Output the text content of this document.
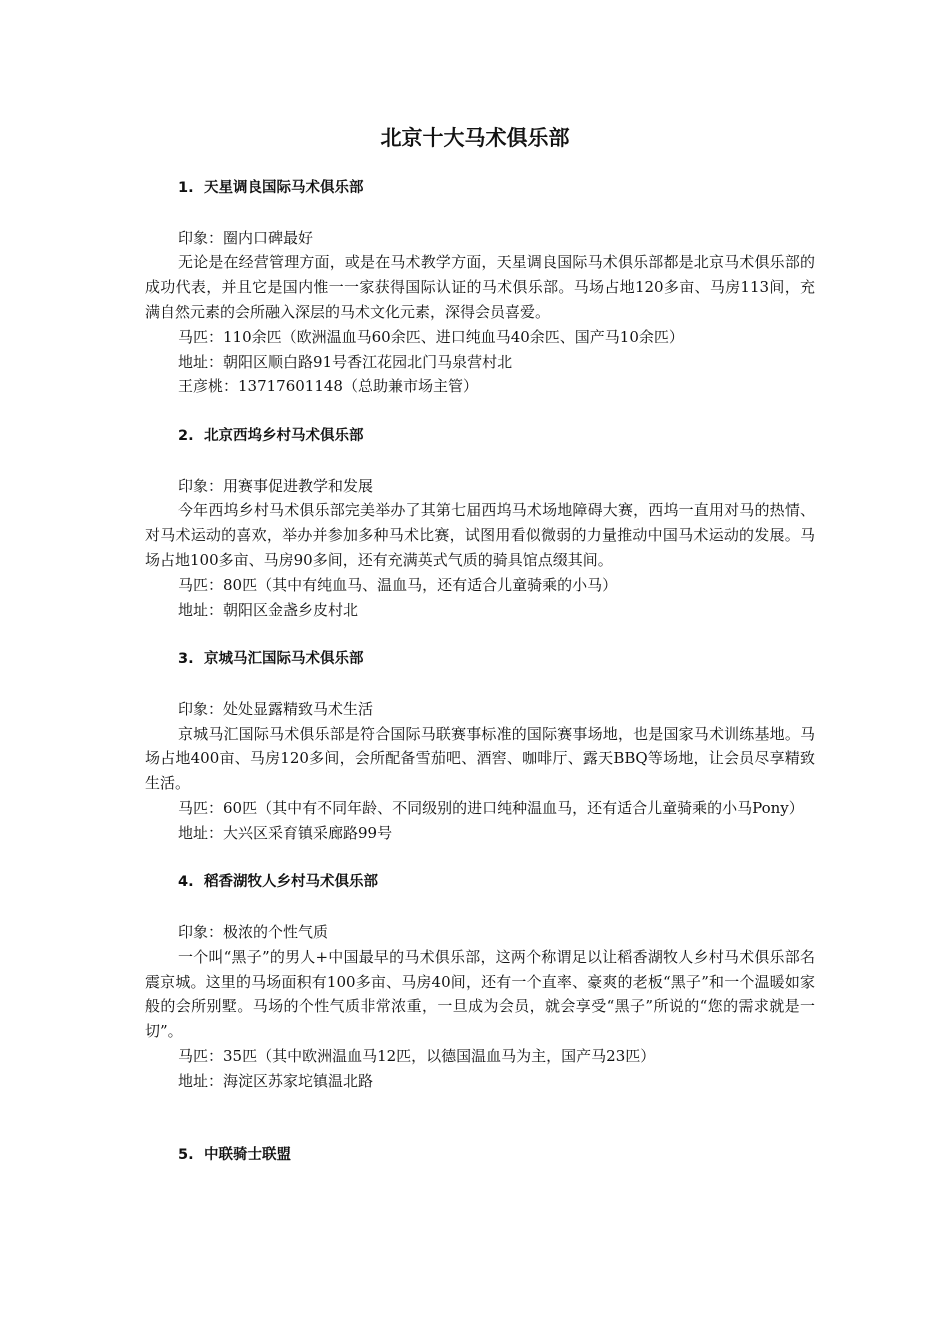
北京十大马术俱乐部
1. 天星调良国际马术俱乐部
印象：圈内口碑最好

无论是在经营管理方面，或是在马术教学方面，天星调良国际马术俱乐部都是北京马术俱乐部的成功代表，并且它是国内惟一一家获得国际认证的马术俱乐部。马场占地120多亩、马房113间，充满自然元素的会所融入深层的马术文化元素，深得会员喜爱。

马匹：110余匹（欧洲温血马60余匹、进口纯血马40余匹、国产马10余匹）
地址：朝阳区顺白路91号香江花园北门马泉营村北
王彦桃：13717601148（总助兼市场主管）
2. 北京西坞乡村马术俱乐部
印象：用赛事促进教学和发展

今年西坞乡村马术俱乐部完美举办了其第七届西坞马术场地障碍大赛，西坞一直用对马的热情、对马术运动的喜欢，举办并参加多种马术比赛，试图用看似微弱的力量推动中国马术运动的发展。马场占地100多亩、马房90多间，还有充满英式气质的骑具馆点缀其间。

马匹：80匹（其中有纯血马、温血马，还有适合儿童骑乘的小马）
地址：朝阳区金盏乡皮村北
3. 京城马汇国际马术俱乐部
印象：处处显露精致马术生活

京城马汇国际马术俱乐部是符合国际马联赛事标准的国际赛事场地，也是国家马术训练基地。马场占地400亩、马房120多间，会所配备雪茄吧、酒窖、咖啡厅、露天BBQ等场地，让会员尽享精致生活。

马匹：60匹（其中有不同年龄、不同级别的进口纯种温血马，还有适合儿童骑乘的小马Pony）

地址：大兴区采育镇采廊路99号
4. 稻香湖牧人乡村马术俱乐部
印象：极浓的个性气质

一个叫“黑子”的男人+中国最早的马术俱乐部，这两个称谓足以让稻香湖牧人乡村马术俱乐部名震京城。这里的马场面积有100多亩、马房40间，还有一个直率、豪爽的老板“黑子”和一个温暖如家般的会所别墅。马场的个性气质非常浓重，一旦成为会员，就会享受“黑子”所说的“您的需求就是一切”。

马匹：35匹（其中欧洲温血马12匹，以德国温血马为主，国产马23匹）
地址：海淀区苏家坨镇温北路
5. 中联骑士联盟
